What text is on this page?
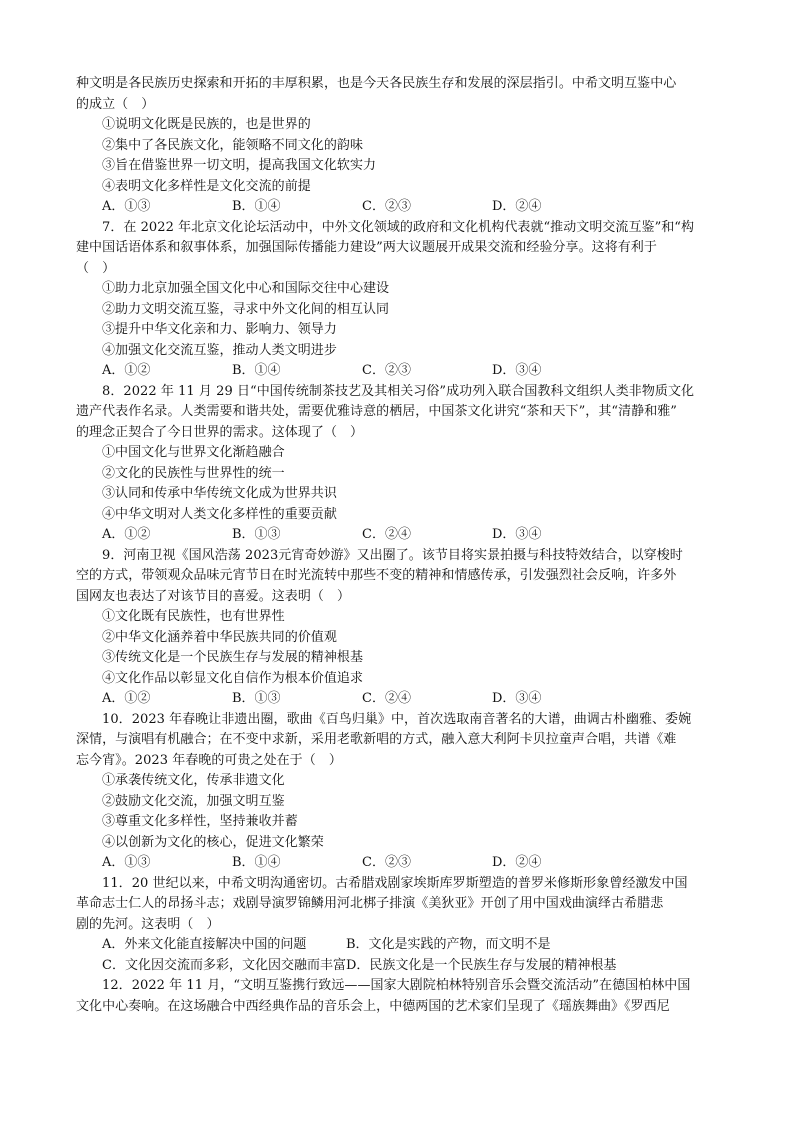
种文明是各民族历史探索和开拓的丰厚积累，也是今天各民族生存和发展的深层指引。中希文明互鉴中心

的成立（　）

①说明文化既是民族的，也是世界的

②集中了各民族文化，能领略不同文化的韵味

③旨在借鉴世界一切文明，提高我国文化软实力

④表明文化多样性是文化交流的前提

A．①③	B．①④	C．②③	D．②④

7．在 2022 年北京文化论坛活动中，中外文化领域的政府和文化机构代表就“推动文明交流互鉴”和“构

建中国话语体系和叙事体系，加强国际传播能力建设”两大议题展开成果交流和经验分享。这将有利于

（　）

①助力北京加强全国文化中心和国际交往中心建设

②助力文明交流互鉴，寻求中外文化间的相互认同

③提升中华文化亲和力、影响力、领导力

④加强文化交流互鉴，推动人类文明进步

A．①②	B．①④	C．②③	D．③④

8．2022 年 11 月 29 日“中国传统制茶技艺及其相关习俗”成功列入联合国教科文组织人类非物质文化

遗产代表作名录。人类需要和谐共处，需要优雅诗意的栖居，中国茶文化讲究“茶和天下”，其“清静和雅”

的理念正契合了今日世界的需求。这体现了（　）

①中国文化与世界文化渐趋融合

②文化的民族性与世界性的统一

③认同和传承中华传统文化成为世界共识

④中华文明对人类文化多样性的重要贡献

A．①②	B．①③	C．②④	D．③④

9．河南卫视《国风浩荡 2023元宵奇妙游》又出圈了。该节目将实景拍摄与科技特效结合，以穿梭时

空的方式，带领观众品味元宵节日在时光流转中那些不变的精神和情感传承，引发强烈社会反响，许多外

国网友也表达了对该节目的喜爱。这表明（　）

①文化既有民族性，也有世界性

②中华文化涵养着中华民族共同的价值观

③传统文化是一个民族生存与发展的精神根基

④文化作品以彰显文化自信作为根本价值追求

A．①②	B．①③	C．②④	D．③④

10．2023 年春晚让非遗出圈，歌曲《百鸟归巢》中，首次选取南音著名的大谱，曲调古朴幽雅、委婉

深情，与演唱有机融合；在不变中求新，采用老歌新唱的方式，融入意大利阿卡贝拉童声合唱，共谱《难

忘今宵》。2023 年春晚的可贵之处在于（　）

①承袭传统文化，传承非遗文化

②鼓励文化交流，加强文明互鉴

③尊重文化多样性，坚持兼收并蓄

④以创新为文化的核心，促进文化繁荣

A．①③	B．①④	C．②③	D．②④

11．20 世纪以来，中希文明沟通密切。古希腊戏剧家埃斯库罗斯塑造的普罗米修斯形象曾经激发中国

革命志士仁人的昂扬斗志；戏剧导演罗锦鳞用河北梆子排演《美狄亚》开创了用中国戏曲演绎古希腊悲

剧的先河。这表明（　）

A．外来文化能直接解决中国的问题	B．文化是实践的产物，而文明不是
C．文化因交流而多彩，文化因交融而丰富D．民族文化是一个民族生存与发展的精神根基

12．2022 年 11 月，“文明互鉴携行致远——国家大剧院柏林特别音乐会暨交流活动”在德国柏林中国

文化中心奏响。在这场融合中西经典作品的音乐会上，中德两国的艺术家们呈现了《瑶族舞曲》《罗西尼
